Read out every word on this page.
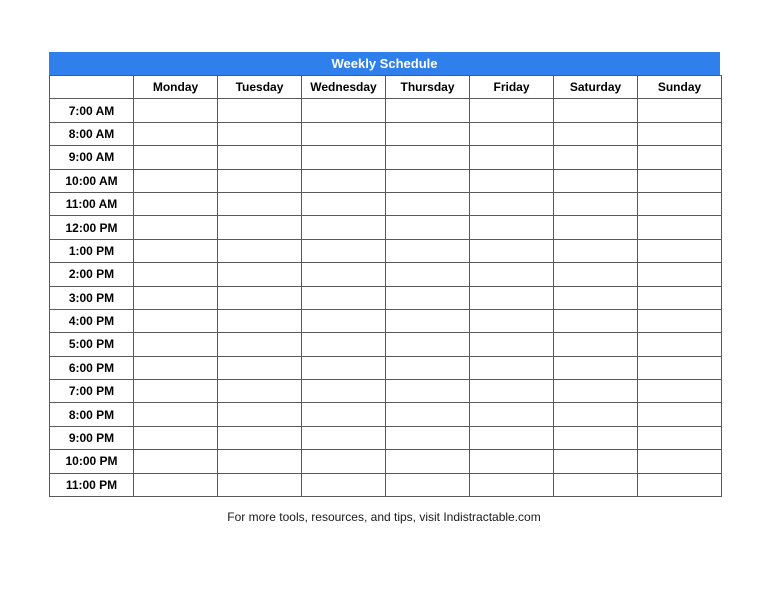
Weekly Schedule
	Monday	Tuesday	Wednesday	Thursday	Friday	Saturday	Sunday
7:00 AM							
8:00 AM							
9:00 AM							
10:00 AM							
11:00 AM							
12:00 PM							
1:00 PM							
2:00 PM							
3:00 PM							
4:00 PM							
5:00 PM							
6:00 PM							
7:00 PM							
8:00 PM							
9:00 PM							
10:00 PM							
11:00 PM							
For more tools, resources, and tips, visit Indistractable.com
